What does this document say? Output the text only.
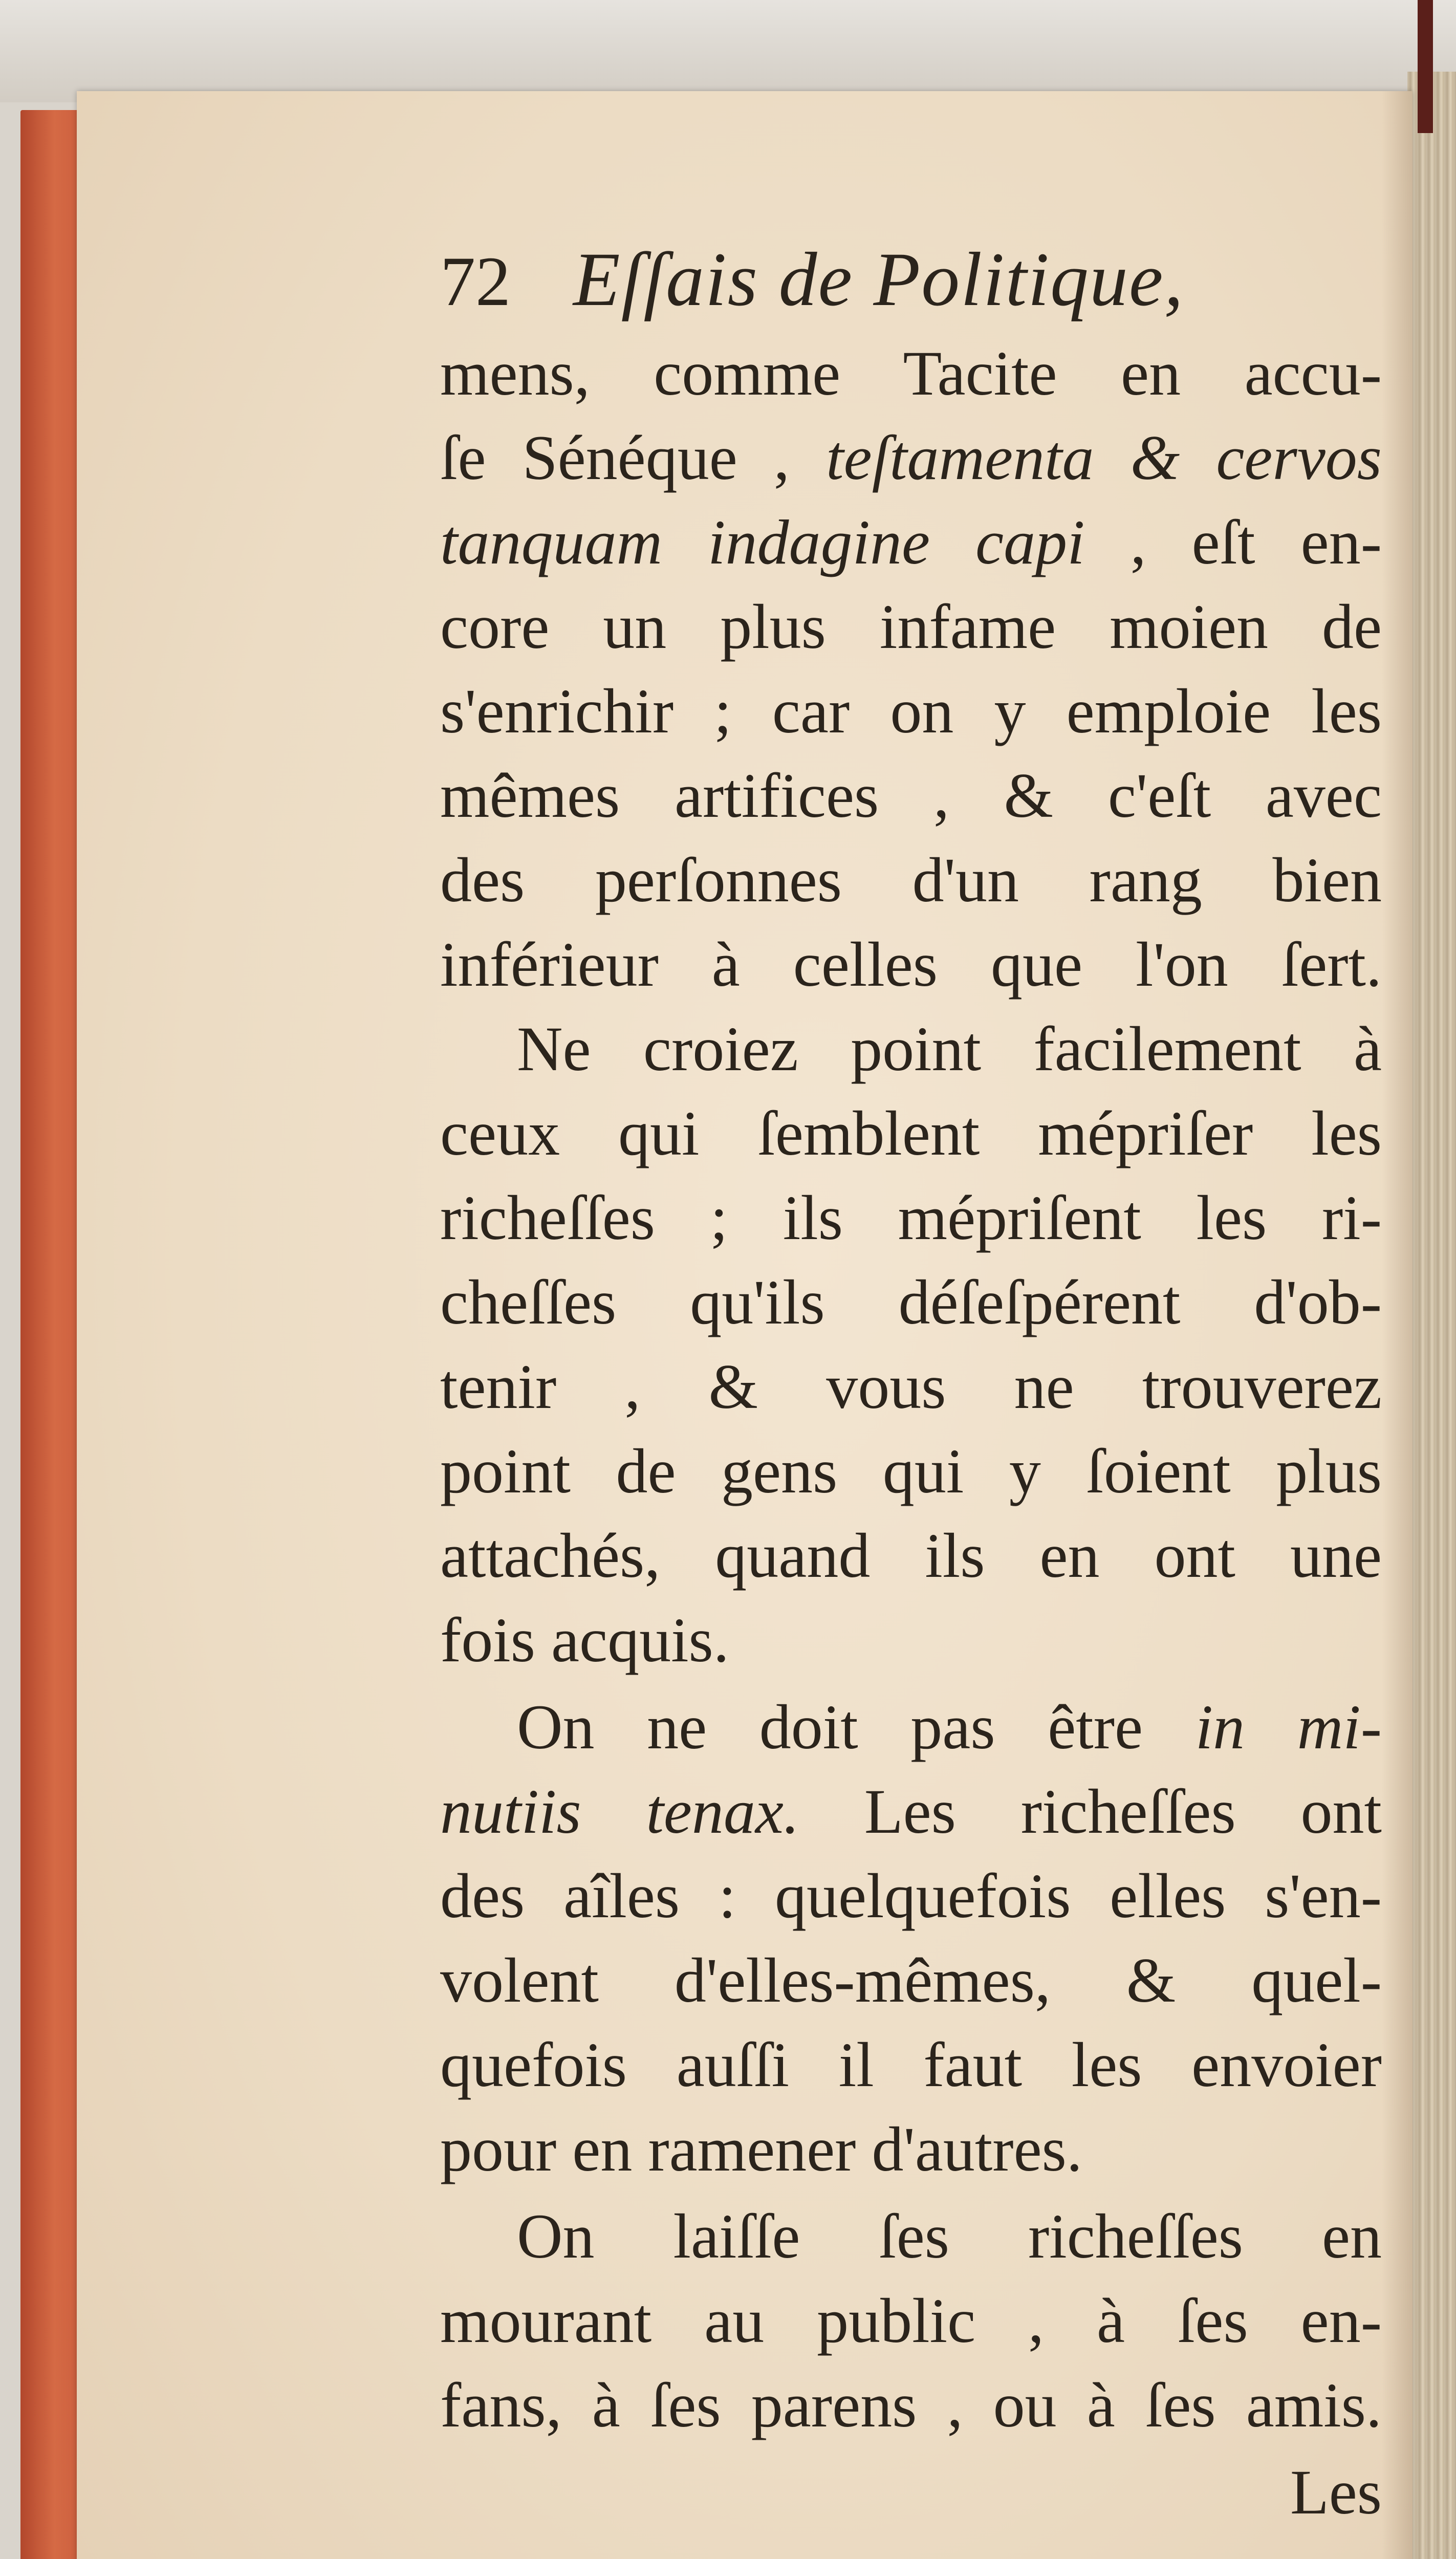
72 Eſſais de Politique,
mens, comme Tacite en accu-
ſe Sénéque , teſtamenta & cervos
tanquam indagine capi , eſt en-
core un plus infame moien de
s'enrichir ; car on y emploie les
mêmes artifices , & c'eſt avec
des perſonnes d'un rang bien
inférieur à celles que l'on ſert.
Ne croiez point facilement à
ceux qui ſemblent mépriſer les
richeſſes ; ils mépriſent les ri-
cheſſes qu'ils déſeſpérent d'ob-
tenir , & vous ne trouverez
point de gens qui y ſoient plus
attachés, quand ils en ont une
fois acquis.
On ne doit pas être in mi-
nutiis tenax. Les richeſſes ont
des aîles : quelquefois elles s'en-
volent d'elles-mêmes, & quel-
quefois auſſi il faut les envoier
pour en ramener d'autres.
On laiſſe ſes richeſſes en
mourant au public , à ſes en-
fans, à ſes parens , ou à ſes amis.
Les
